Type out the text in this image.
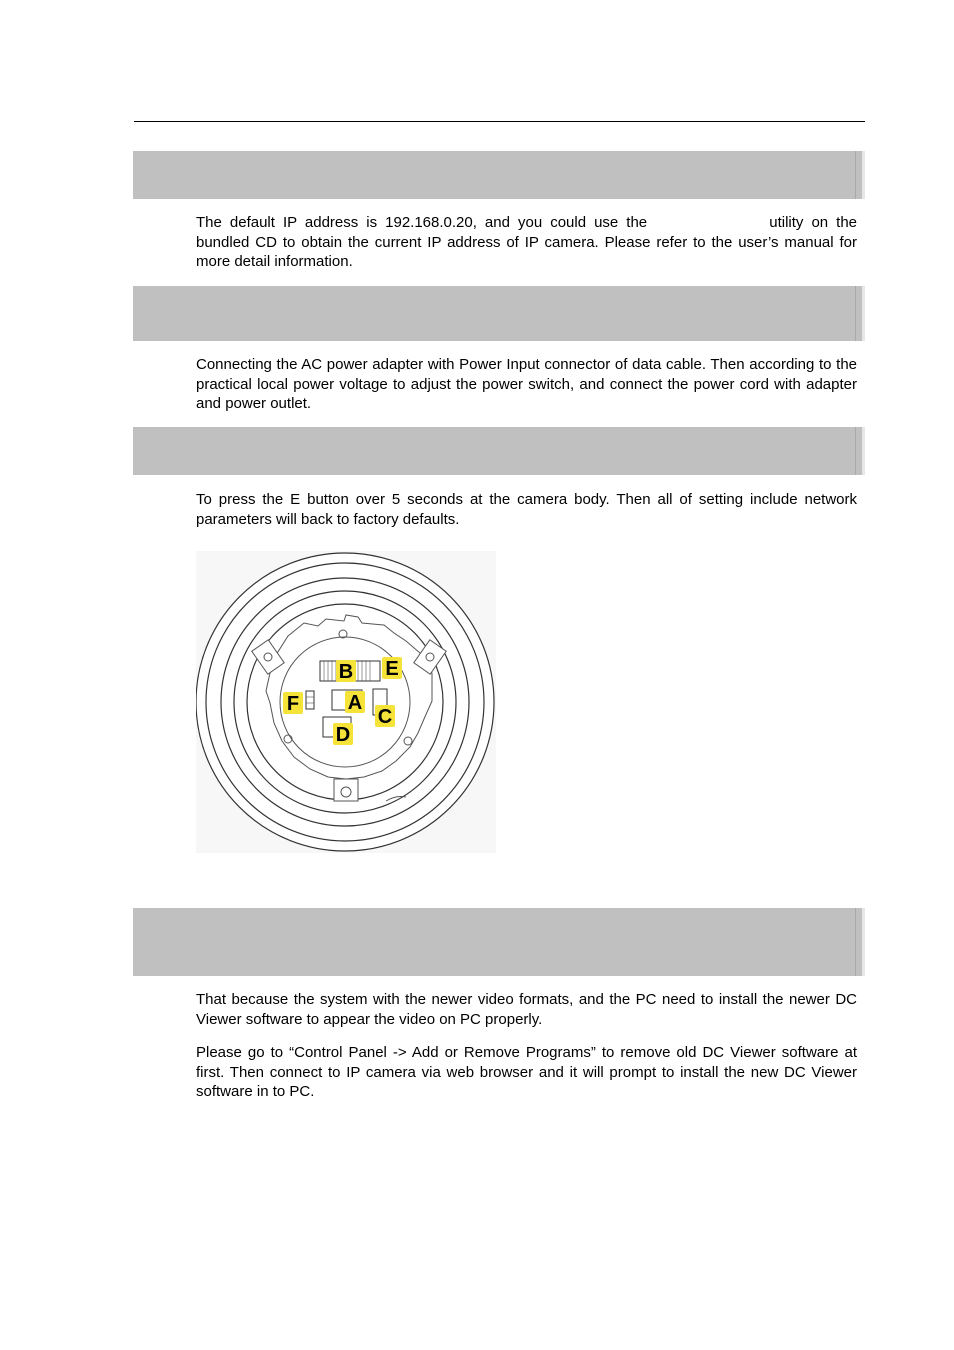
The default IP address is 192.168.0.20, and you could use the	utility on the bundled CD to obtain the current IP address of IP camera. Please refer to the user’s manual for more detail information.

Connecting the AC power adapter with Power Input connector of data cable. Then according to the practical local power voltage to adjust the power switch, and connect the power cord with adapter and power outlet.

To press the E button over 5 seconds at the camera body. Then all of setting include network parameters will back to factory defaults.

B E
F A
C
D

That because the system with the newer video formats, and the PC need to install the newer DC Viewer software to appear the video on PC properly.

Please go to “Control Panel -> Add or Remove Programs” to remove old DC Viewer software at first. Then connect to IP camera via web browser and it will prompt to install the new DC Viewer software in to PC.
